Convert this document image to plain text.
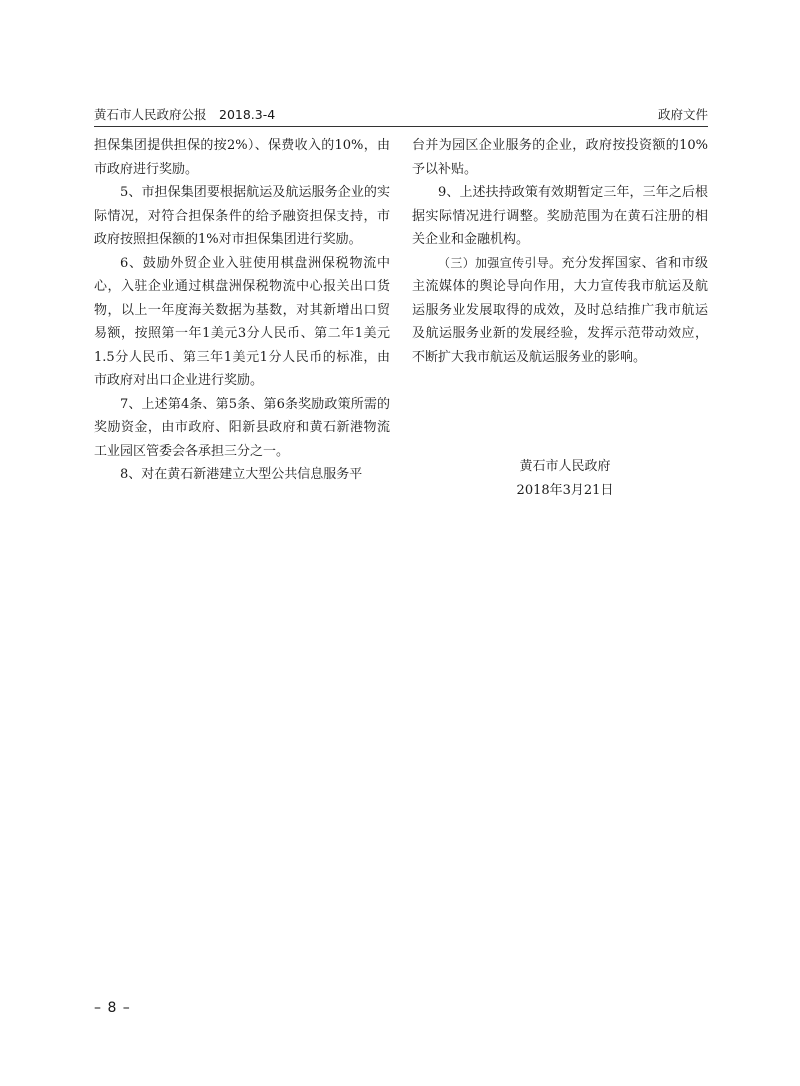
黄石市人民政府公报　2018.3-4	政府文件

担保集团提供担保的按2%）、保费收入的10%，由市政府进行奖励。

5、市担保集团要根据航运及航运服务企业的实际情况，对符合担保条件的给予融资担保支持，市政府按照担保额的1%对市担保集团进行奖励。

6、鼓励外贸企业入驻使用棋盘洲保税物流中心，入驻企业通过棋盘洲保税物流中心报关出口货物，以上一年度海关数据为基数，对其新增出口贸易额，按照第一年1美元3分人民币、第二年1美元1.5分人民币、第三年1美元1分人民币的标准，由市政府对出口企业进行奖励。

7、上述第4条、第5条、第6条奖励政策所需的奖励资金，由市政府、阳新县政府和黄石新港物流工业园区管委会各承担三分之一。

8、对在黄石新港建立大型公共信息服务平

台并为园区企业服务的企业，政府按投资额的10%予以补贴。

9、上述扶持政策有效期暂定三年，三年之后根据实际情况进行调整。奖励范围为在黄石注册的相关企业和金融机构。

（三）加强宣传引导。充分发挥国家、省和市级主流媒体的舆论导向作用，大力宣传我市航运及航运服务业发展取得的成效，及时总结推广我市航运及航运服务业新的发展经验，发挥示范带动效应，不断扩大我市航运及航运服务业的影响。

黄石市人民政府
2018年3月21日
– 8 –
